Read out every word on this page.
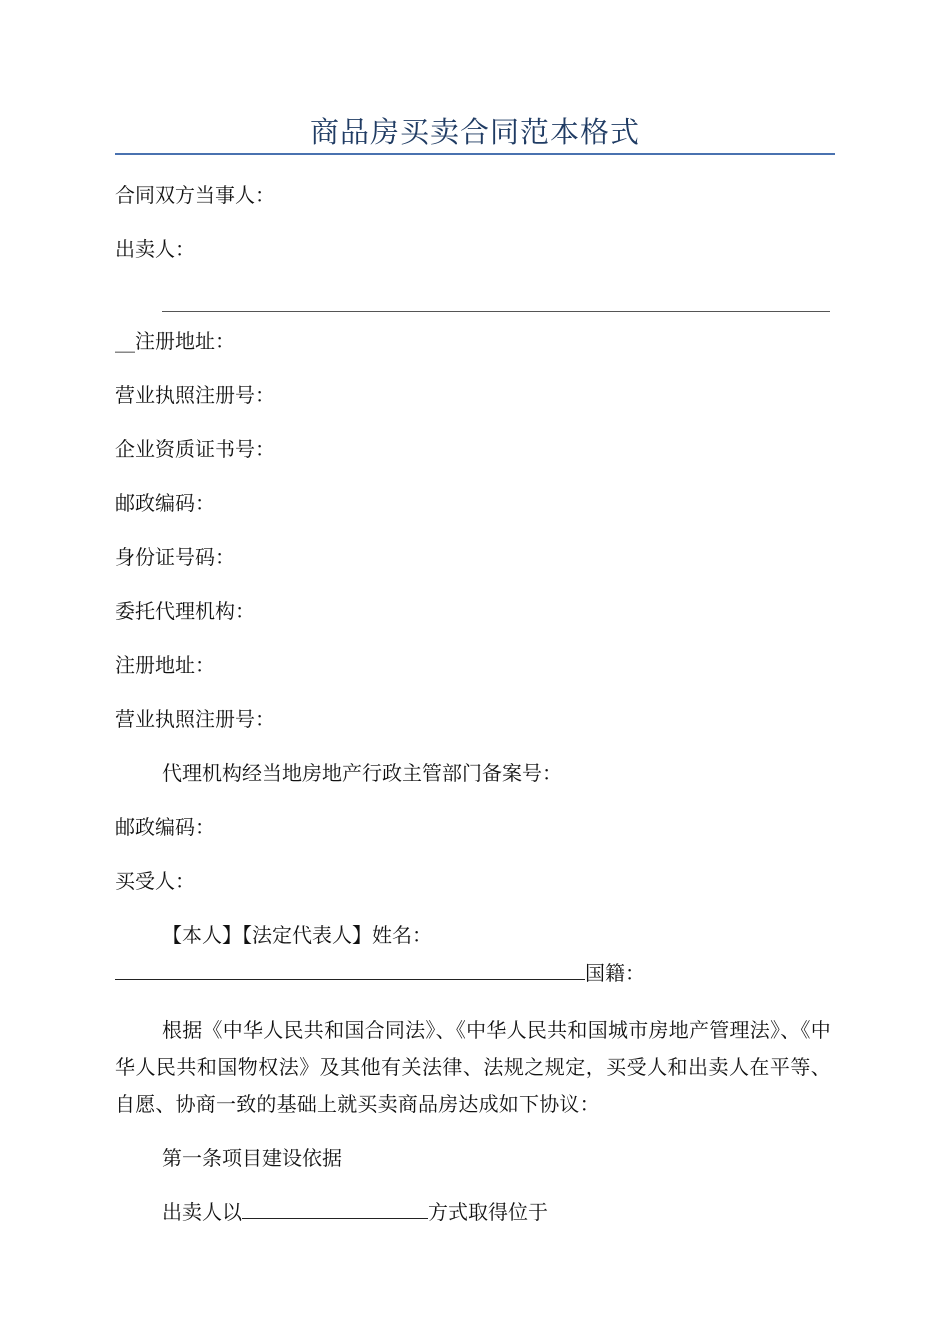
商品房买卖合同范本格式
合同双方当事人：
出卖人：
__注册地址：
营业执照注册号：
企业资质证书号：
邮政编码：
身份证号码：
委托代理机构：
注册地址：
营业执照注册号：
代理机构经当地房地产行政主管部门备案号：
邮政编码：
买受人：
【本人】【法定代表人】姓名：
国籍：
根据《中华人民共和国合同法》、《中华人民共和国城市房地产管理法》、《中华人民共和国物权法》及其他有关法律、法规之规定，买受人和出卖人在平等、自愿、协商一致的基础上就买卖商品房达成如下协议：
第一条项目建设依据
出卖人以	方式取得位于
